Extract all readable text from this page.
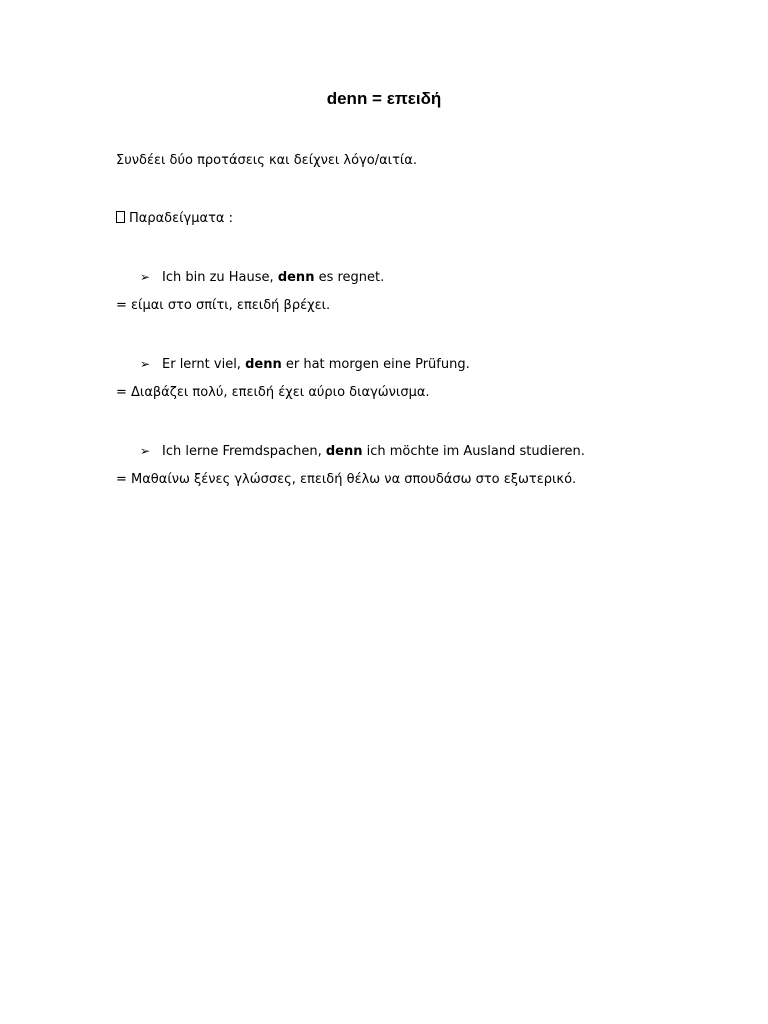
denn = επειδή
Συνδέει δύο προτάσεις και δείχνει λόγο/αιτία.
Παραδείγματα :
➢ Ich bin zu Hause, denn es regnet.
= είμαι στο σπίτι, επειδή βρέχει.
➢ Er lernt viel, denn er hat morgen eine Prüfung.
= Διαβάζει πολύ, επειδή έχει αύριο διαγώνισμα.
➢ Ich lerne Fremdspachen, denn ich möchte im Ausland studieren.
= Μαθαίνω ξένες γλώσσες, επειδή θέλω να σπουδάσω στο εξωτερικό.
